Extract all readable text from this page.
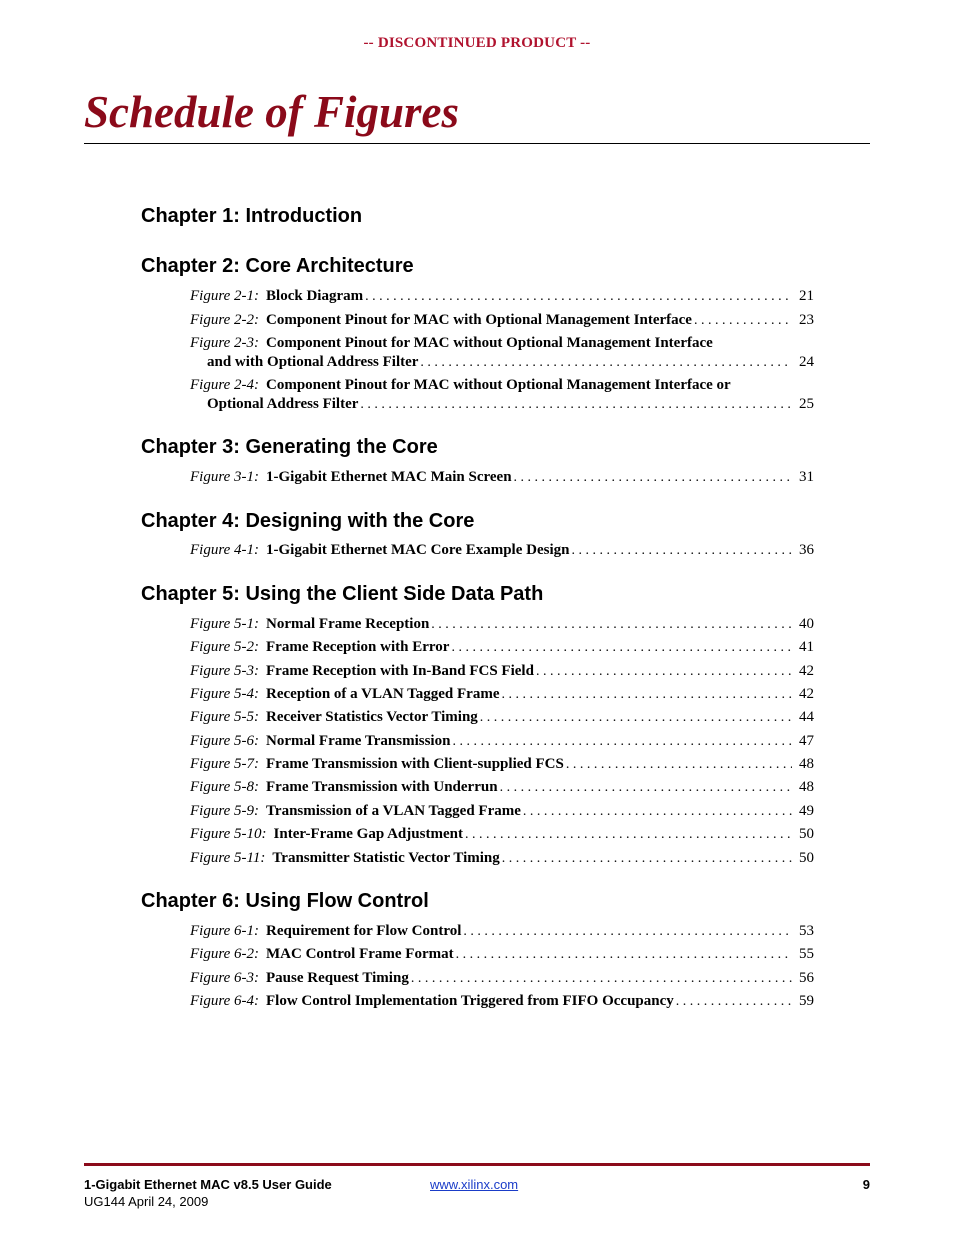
-- DISCONTINUED PRODUCT --
Schedule of Figures
Chapter 1: Introduction
Chapter 2: Core Architecture
Figure 2-1: Block Diagram . . .	21
Figure 2-2: Component Pinout for MAC with Optional Management Interface . . .	23
Figure 2-3: Component Pinout for MAC without Optional Management Interface
and with Optional Address Filter . . .	24
Figure 2-4: Component Pinout for MAC without Optional Management Interface or
Optional Address Filter . . .	25
Chapter 3: Generating the Core
Figure 3-1: 1-Gigabit Ethernet MAC Main Screen . . .	31
Chapter 4: Designing with the Core
Figure 4-1: 1-Gigabit Ethernet MAC Core Example Design . . .	36
Chapter 5: Using the Client Side Data Path
Figure 5-1: Normal Frame Reception . . .	40
Figure 5-2: Frame Reception with Error . . .	41
Figure 5-3: Frame Reception with In-Band FCS Field . . .	42
Figure 5-4: Reception of a VLAN Tagged Frame . . .	42
Figure 5-5: Receiver Statistics Vector Timing . . .	44
Figure 5-6: Normal Frame Transmission . . .	47
Figure 5-7: Frame Transmission with Client-supplied FCS . . .	48
Figure 5-8: Frame Transmission with Underrun . . .	48
Figure 5-9: Transmission of a VLAN Tagged Frame . . .	49
Figure 5-10: Inter-Frame Gap Adjustment . . .	50
Figure 5-11: Transmitter Statistic Vector Timing . . .	50
Chapter 6: Using Flow Control
Figure 6-1: Requirement for Flow Control . . .	53
Figure 6-2: MAC Control Frame Format . . .	55
Figure 6-3: Pause Request Timing . . .	56
Figure 6-4: Flow Control Implementation Triggered from FIFO Occupancy . . .	59
1-Gigabit Ethernet MAC v8.5 User Guide
UG144 April 24, 2009
www.xilinx.com	9
